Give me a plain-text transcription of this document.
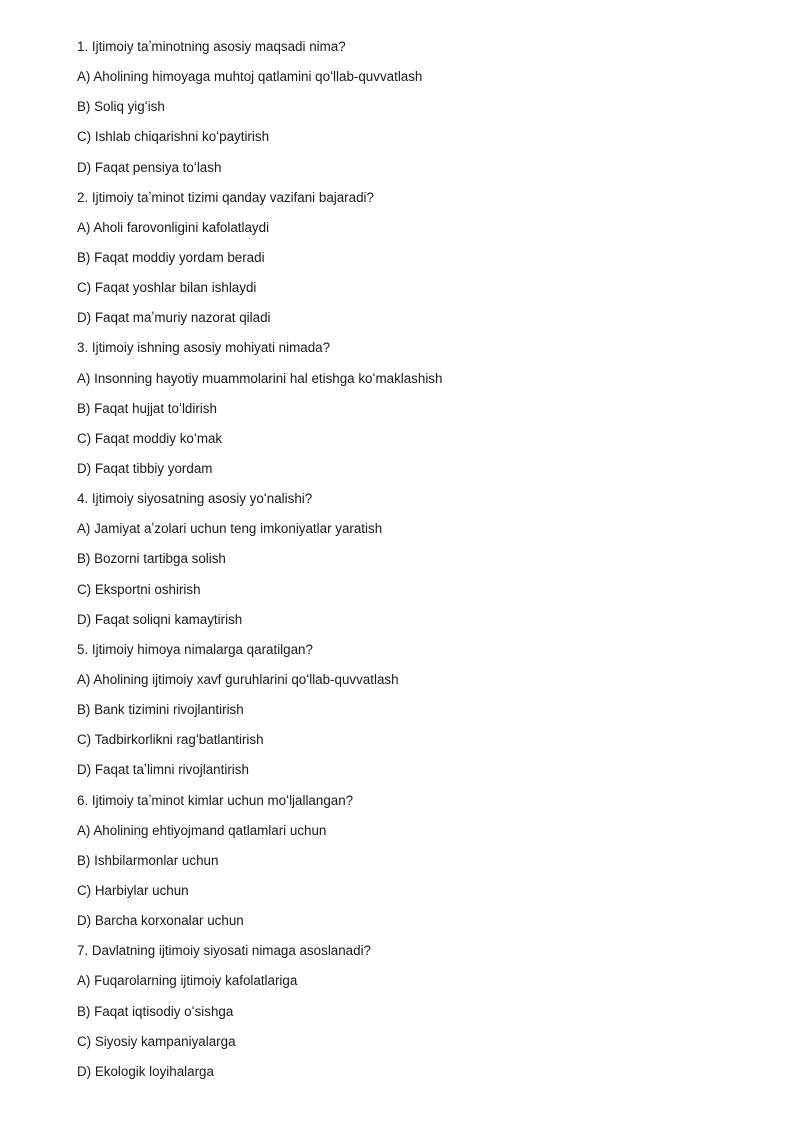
1. Ijtimoiy taʼminotning asosiy maqsadi nima?
A) Aholining himoyaga muhtoj qatlamini qoʻllab-quvvatlash
B) Soliq yigʻish
C) Ishlab chiqarishni koʻpaytirish
D) Faqat pensiya toʻlash
2. Ijtimoiy taʼminot tizimi qanday vazifani bajaradi?
A) Aholi farovonligini kafolatlaydi
B) Faqat moddiy yordam beradi
C) Faqat yoshlar bilan ishlaydi
D) Faqat maʼmuriy nazorat qiladi
3. Ijtimoiy ishning asosiy mohiyati nimada?
A) Insonning hayotiy muammolarini hal etishga koʻmaklashish
B) Faqat hujjat toʻldirish
C) Faqat moddiy koʻmak
D) Faqat tibbiy yordam
4. Ijtimoiy siyosatning asosiy yoʻnalishi?
A) Jamiyat aʼzolari uchun teng imkoniyatlar yaratish
B) Bozorni tartibga solish
C) Eksportni oshirish
D) Faqat soliqni kamaytirish
5. Ijtimoiy himoya nimalarga qaratilgan?
A) Aholining ijtimoiy xavf guruhlarini qoʻllab-quvvatlash
B) Bank tizimini rivojlantirish
C) Tadbirkorlikni ragʻbatlantirish
D) Faqat taʼlimni rivojlantirish
6. Ijtimoiy taʼminot kimlar uchun moʻljallangan?
A) Aholining ehtiyojmand qatlamlari uchun
B) Ishbilarmonlar uchun
C) Harbiylar uchun
D) Barcha korxonalar uchun
7. Davlatning ijtimoiy siyosati nimaga asoslanadi?
A) Fuqarolarning ijtimoiy kafolatlariga
B) Faqat iqtisodiy oʻsishga
C) Siyosiy kampaniyalarga
D) Ekologik loyihalarga
